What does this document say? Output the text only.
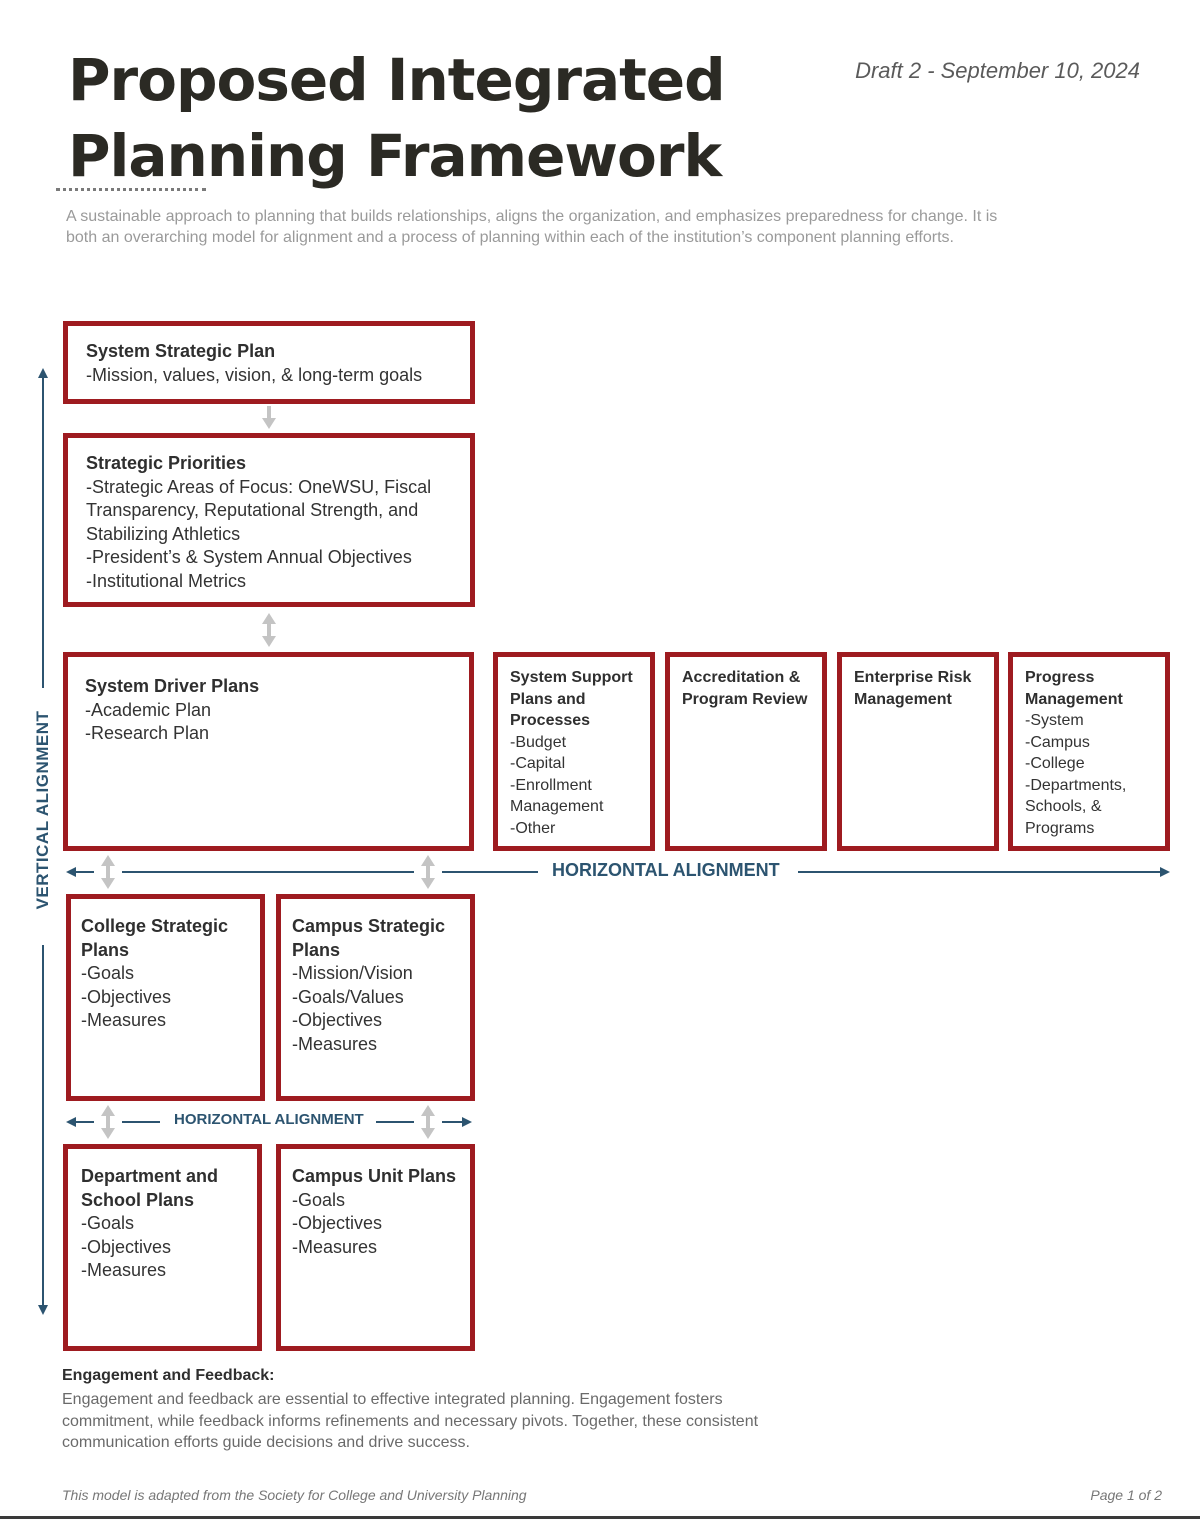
Proposed Integrated
Planning Framework
Draft 2 - September 10, 2024
A sustainable approach to planning that builds relationships, aligns the organization, and emphasizes preparedness for change. It is both an overarching model for alignment and a process of planning within each of the institution’s component planning efforts.
VERTICAL ALIGNMENT	HORIZONTAL ALIGNMENT
HORIZONTAL ALIGNMENT
System Strategic Plan
-Mission, values, vision, & long-term goals
Strategic Priorities
-Strategic Areas of Focus: OneWSU, Fiscal Transparency, Reputational Strength, and Stabilizing Athletics
-President’s & System Annual Objectives
-Institutional Metrics
System Driver Plans
-Academic Plan
-Research Plan
System Support Plans and Processes
-Budget
-Capital
-Enrollment Management
-Other
Accreditation & Program Review
Enterprise Risk Management
Progress Management
-System
-Campus
-College
-Departments, Schools, & Programs
College Strategic Plans
-Goals
-Objectives
-Measures
Campus Strategic Plans
-Mission/Vision
-Goals/Values
-Objectives
-Measures
Department and School Plans
-Goals
-Objectives
-Measures
Campus Unit Plans
-Goals
-Objectives
-Measures
Engagement and Feedback:
Engagement and feedback are essential to effective integrated planning. Engagement fosters commitment, while feedback informs refinements and necessary pivots. Together, these consistent communication efforts guide decisions and drive success.
This model is adapted from the Society for College and University Planning	Page 1 of 2
